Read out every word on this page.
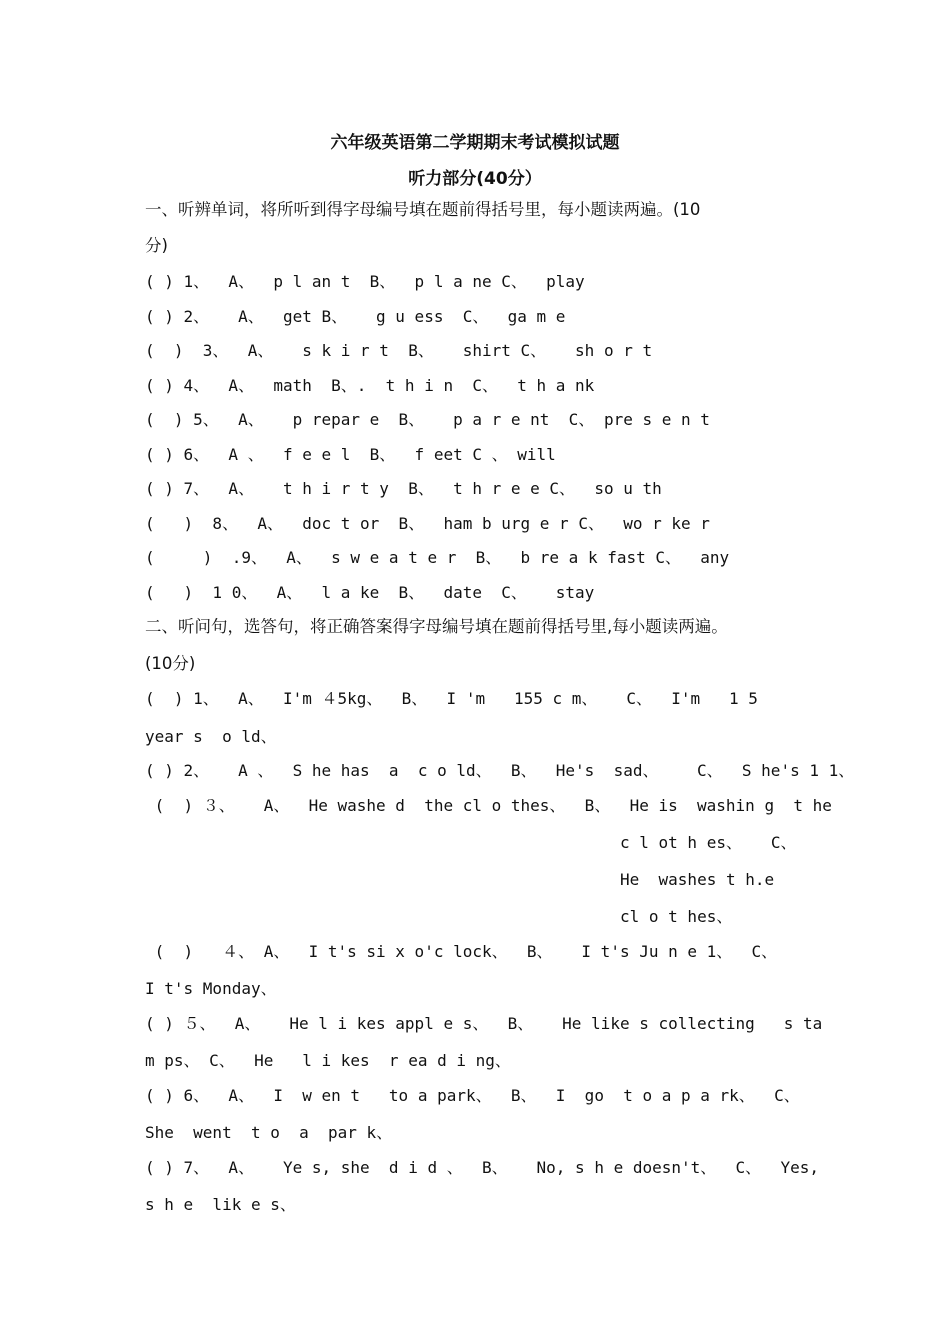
六年级英语第二学期期末考试模拟试题
听力部分(40分）
一、听辨单词，将所听到得字母编号填在题前得括号里，每小题读两遍。(10
分)
( ) 1、  A、  p l an t  B、  p l a ne C、  play
( ) 2、   A、  get B、   g u ess  C、  ga m e
(  )  3、  A、   s k i r t  B、   shirt C、   sh o r t
( ) 4、  A、  math  B、.  t h i n  C、  t h a nk
(  ) 5、  A、   p repar e  B、   p a r e nt  C、 pre s e n t
( ) 6、  A 、  f e e l  B、  f eet C 、 will
( ) 7、  A、   t h i r t y  B、  t h r e e C、  so u th
(   )  8、  A、  doc t or  B、  ham b urg e r C、  wo r ke r
(     )  .9、  A、  s w e a t e r  B、  b re a k fast C、  any
(   )  1 0、  A、  l a ke  B、  date  C、   stay
二、听问句，选答句，将正确答案得字母编号填在题前得括号里,每小题读两遍。
(10分)
(  ) 1、  A、  I'm ４5kg、  B、  I 'm   155 c m、   C、  I'm   1 5
year s  o ld、
( ) 2、   A 、  S he has  a  c o ld、  B、  He's  sad、    C、  S he's 1 1、
(  ) ３、   A、  He washe d  the cl o thes、  B、  He is  washin g  t he
c l ot h es、   C、
He  washes t h.e
cl o t hes、
(  )   ４、 A、  I t's si x o'c lock、  B、   I t's Ju n e 1、  C、
I t's Monday、
( ) ５、  A、   He l i kes appl e s、  B、   He like s collecting   s ta
m ps、 C、  He   l i kes  r ea d i ng、
( ) 6、  A、  I  w en t   to a park、  B、  I  go  t o a p a rk、  C、
She  went  t o  a  par k、
( ) 7、  A、   Ye s, she  d i d 、  B、   No, s h e doesn't、  C、  Yes,
s h e  lik e s、
